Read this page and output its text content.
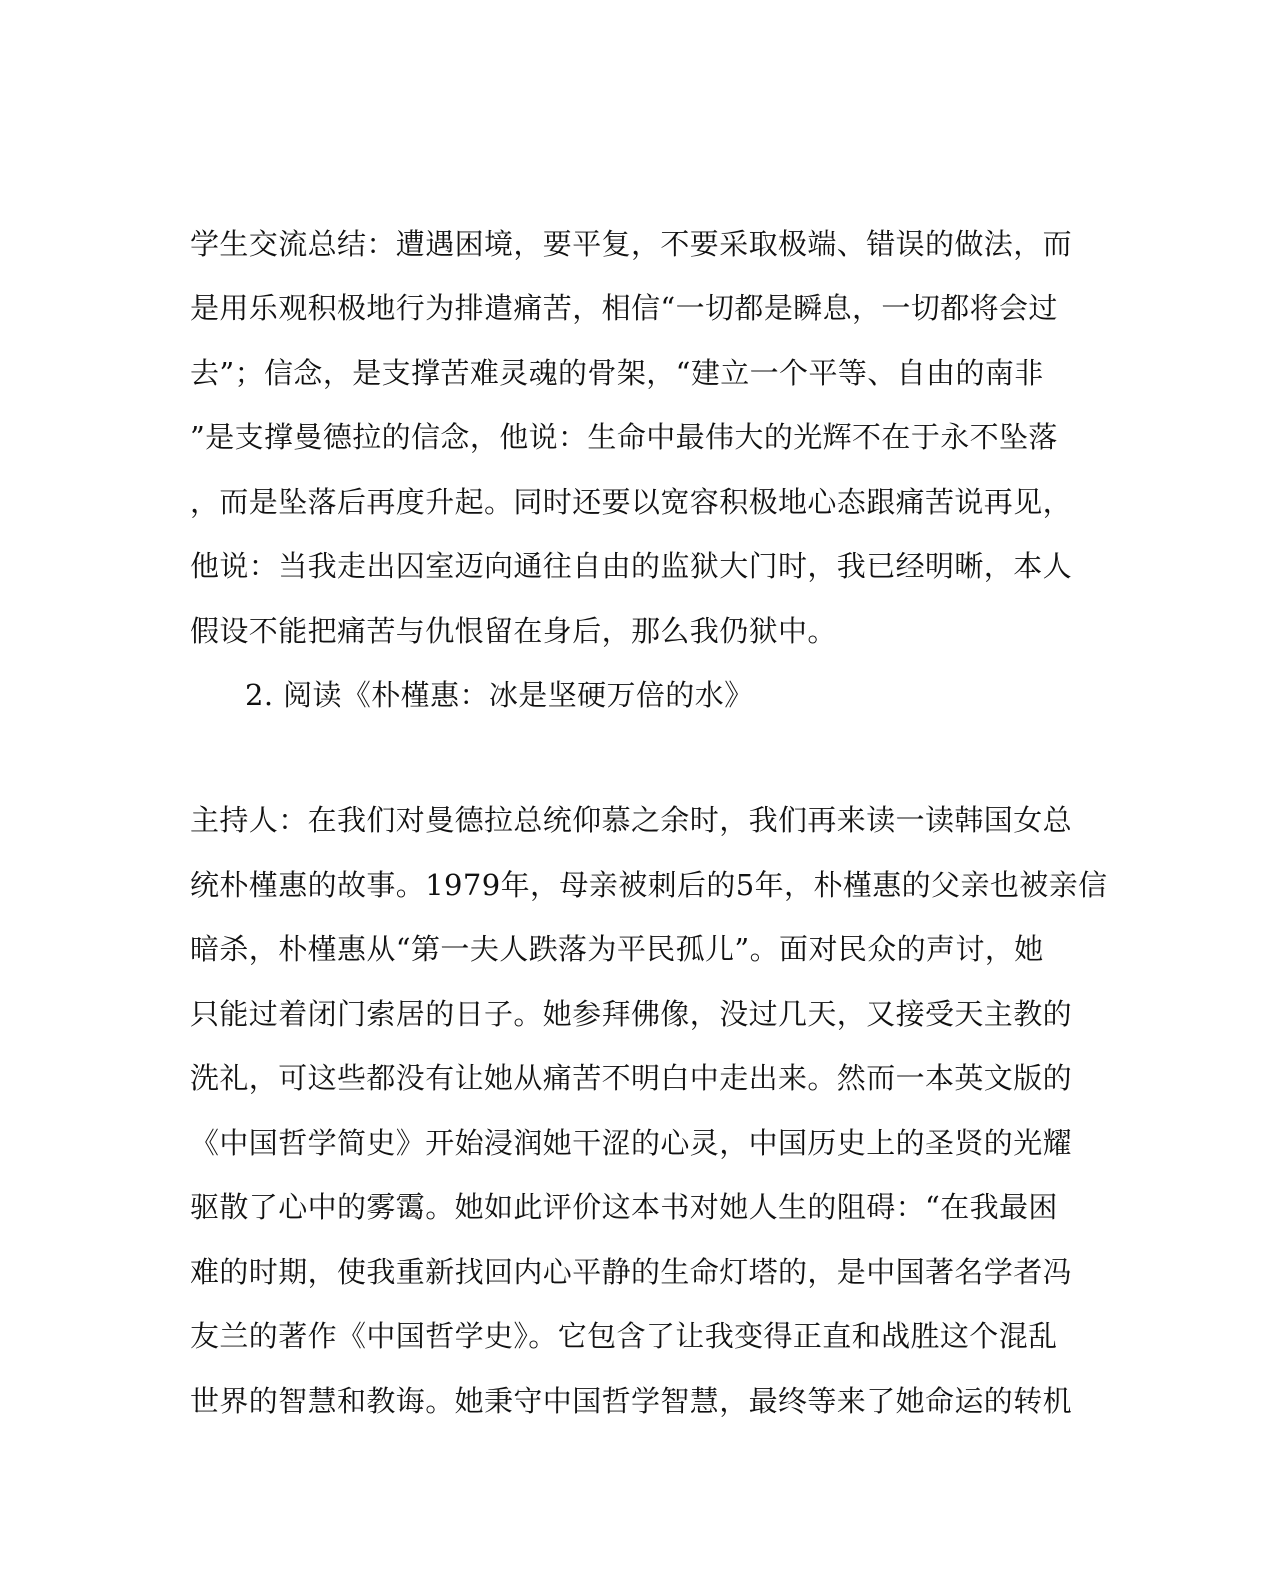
学生交流总结：遭遇困境，要平复，不要采取极端、错误的做法，而
是用乐观积极地行为排遣痛苦，相信“一切都是瞬息，一切都将会过
去”；信念，是支撑苦难灵魂的骨架，“建立一个平等、自由的南非
”是支撑曼德拉的信念，他说：生命中最伟大的光辉不在于永不坠落
，而是坠落后再度升起。同时还要以宽容积极地心态跟痛苦说再见，
他说：当我走出囚室迈向通往自由的监狱大门时，我已经明晰，本人
假设不能把痛苦与仇恨留在身后，那么我仍狱中。
2. 阅读《朴槿惠：冰是坚硬万倍的水》
主持人：在我们对曼德拉总统仰慕之余时，我们再来读一读韩国女总
统朴槿惠的故事。1979年，母亲被刺后的5年，朴槿惠的父亲也被亲信
暗杀，朴槿惠从“第一夫人跌落为平民孤儿”。面对民众的声讨，她
只能过着闭门索居的日子。她参拜佛像，没过几天，又接受天主教的
洗礼，可这些都没有让她从痛苦不明白中走出来。然而一本英文版的
《中国哲学简史》开始浸润她干涩的心灵，中国历史上的圣贤的光耀
驱散了心中的雾霭。她如此评价这本书对她人生的阻碍：“在我最困
难的时期，使我重新找回内心平静的生命灯塔的，是中国著名学者冯
友兰的著作《中国哲学史》。它包含了让我变得正直和战胜这个混乱
世界的智慧和教诲。她秉守中国哲学智慧，最终等来了她命运的转机
